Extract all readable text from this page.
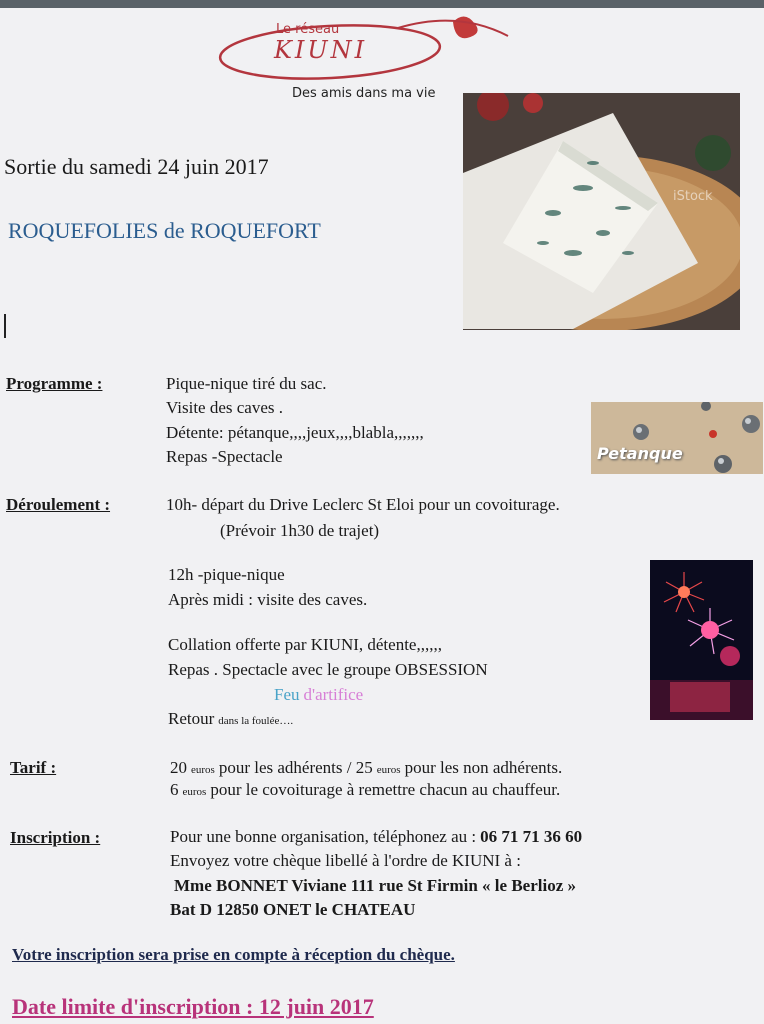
Le réseau
KIUNI
Des amis dans ma vie
iStock
Sortie du samedi 24 juin 2017
ROQUEFOLIES de ROQUEFORT
Programme :	Pique-nique tiré du sac.
Visite des caves .
Détente: pétanque,,,,jeux,,,,blabla,,,,,,,
Repas -Spectacle	Petanque
Déroulement :	10h- départ du Drive Leclerc St Eloi pour un covoiturage.
(Prévoir 1h30 de trajet)
12h -pique-nique
Après midi : visite des caves.
Collation offerte par KIUNI, détente,,,,,,
Repas . Spectacle avec le groupe OBSESSION
Feu d'artifice
Retour dans la foulée….
Tarif :	20 euros pour les adhérents / 25 euros pour les non adhérents.
6 euros pour le covoiturage à remettre chacun au chauffeur.
Inscription :	Pour une bonne organisation, téléphonez au : 06 71 71 36 60
Envoyez votre chèque libellé à l'ordre de KIUNI à :
Mme BONNET Viviane 111 rue St Firmin « le Berlioz »
Bat D 12850 ONET le CHATEAU
Votre inscription sera prise en compte à réception du chèque.
Date limite d'inscription : 12 juin 2017
